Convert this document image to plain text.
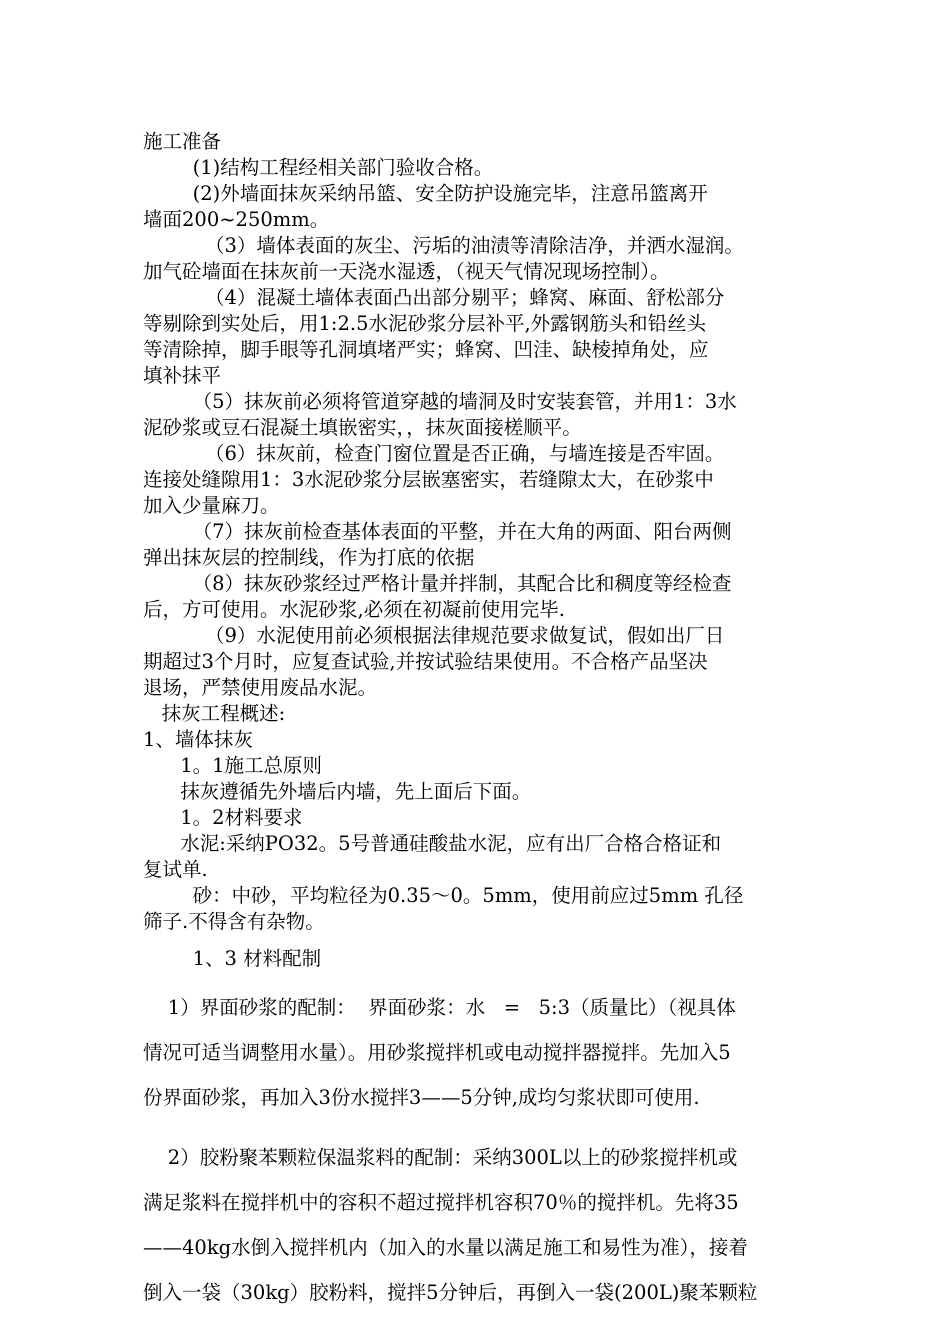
施工准备
(1)结构工程经相关部门验收合格。
(2)外墙面抹灰采纳吊篮、安全防护设施完毕，注意吊篮离开
墙面200~250mm。
（3）墙体表面的灰尘、污垢的油渍等清除洁净，并洒水湿润。
加气砼墙面在抹灰前一天浇水湿透，（视天气情况现场控制）。
（4）混凝土墙体表面凸出部分剔平；蜂窝、麻面、舒松部分
等剔除到实处后，用1:2.5水泥砂浆分层补平,外露钢筋头和铅丝头
等清除掉，脚手眼等孔洞填堵严实；蜂窝、凹洼、缺棱掉角处，应
填补抹平
（5）抹灰前必须将管道穿越的墙洞及时安装套管，并用1：3水
泥砂浆或豆石混凝土填嵌密实，，抹灰面接槎顺平。
（6）抹灰前，检查门窗位置是否正确，与墙连接是否牢固。
连接处缝隙用1：3水泥砂浆分层嵌塞密实，若缝隙太大，在砂浆中
加入少量麻刀。
（7）抹灰前检查基体表面的平整，并在大角的两面、阳台两侧
弹出抹灰层的控制线，作为打底的依据
（8）抹灰砂浆经过严格计量并拌制，其配合比和稠度等经检查
后，方可使用。水泥砂浆,必须在初凝前使用完毕.
（9）水泥使用前必须根据法律规范要求做复试，假如出厂日
期超过3个月时，应复查试验,并按试验结果使用。不合格产品坚决
退场，严禁使用废品水泥。
抹灰工程概述:
1、墙体抹灰
1。1施工总原则
抹灰遵循先外墙后内墙，先上面后下面。
1。2材料要求
水泥:采纳PO32。5号普通硅酸盐水泥，应有出厂合格合格证和
复试单.
砂：中砂，平均粒径为0.35～0。5mm，使用前应过5mm 孔径
筛子.不得含有杂物。
1、3 材料配制
1）界面砂浆的配制：  界面砂浆：水   =   5:3（质量比）（视具体
情况可适当调整用水量）。用砂浆搅拌机或电动搅拌器搅拌。先加入5
份界面砂浆，再加入3份水搅拌3——5分钟,成均匀浆状即可使用.
2）胶粉聚苯颗粒保温浆料的配制：采纳300L以上的砂浆搅拌机或
满足浆料在搅拌机中的容积不超过搅拌机容积70％的搅拌机。先将35
——40kg水倒入搅拌机内（加入的水量以满足施工和易性为准），接着
倒入一袋（30kg）胶粉料，搅拌5分钟后，再倒入一袋(200L)聚苯颗粒
